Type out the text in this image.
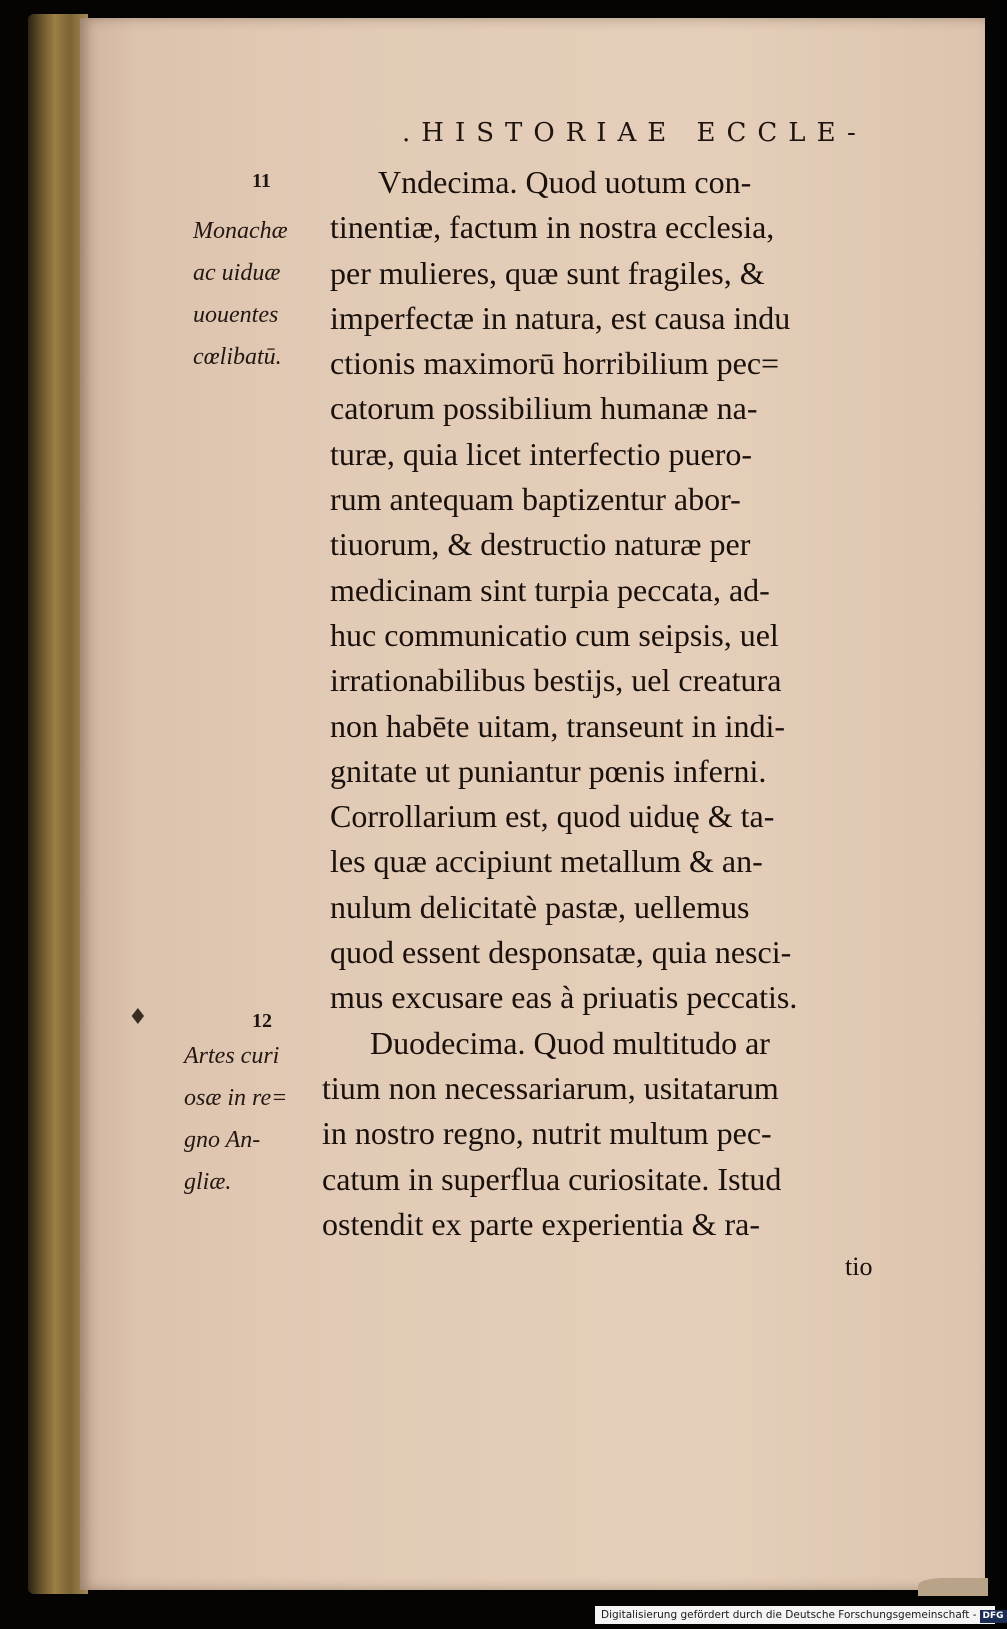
.HISTORIAE ECCLE-
11
12
Monachæ
ac uiduæ
uouentes
cœlibatū.
♦
Artes curi
osæ in re=
gno An-
gliæ.
Vndecima. Quod uotum con-
tinentiæ, factum in nostra ecclesia,
per mulieres, quæ sunt fragiles, &
imperfectæ in natura, est causa indu
ctionis maximorū horribilium pec=
catorum possibilium humanæ na-
turæ, quia licet interfectio puero-
rum antequam baptizentur abor-
tiuorum, & destructio naturæ per
medicinam sint turpia peccata, ad-
huc communicatio cum seipsis, uel
irrationabilibus bestijs, uel creatura
non habēte uitam, transeunt in indi-
gnitate ut puniantur pœnis inferni.
Corrollarium est, quod uiduę & ta-
les quæ accipiunt metallum & an-
nulum delicitatè pastæ, uellemus
quod essent desponsatæ, quia nesci-
mus excusare eas à priuatis peccatis.
Duodecima. Quod multitudo ar
tium non necessariarum, usitatarum
in nostro regno, nutrit multum pec-
catum in superflua curiositate. Istud
ostendit ex parte experientia & ra-
tio
Digitalisierung gefördert durch die Deutsche Forschungsgemeinschaft - DFG
